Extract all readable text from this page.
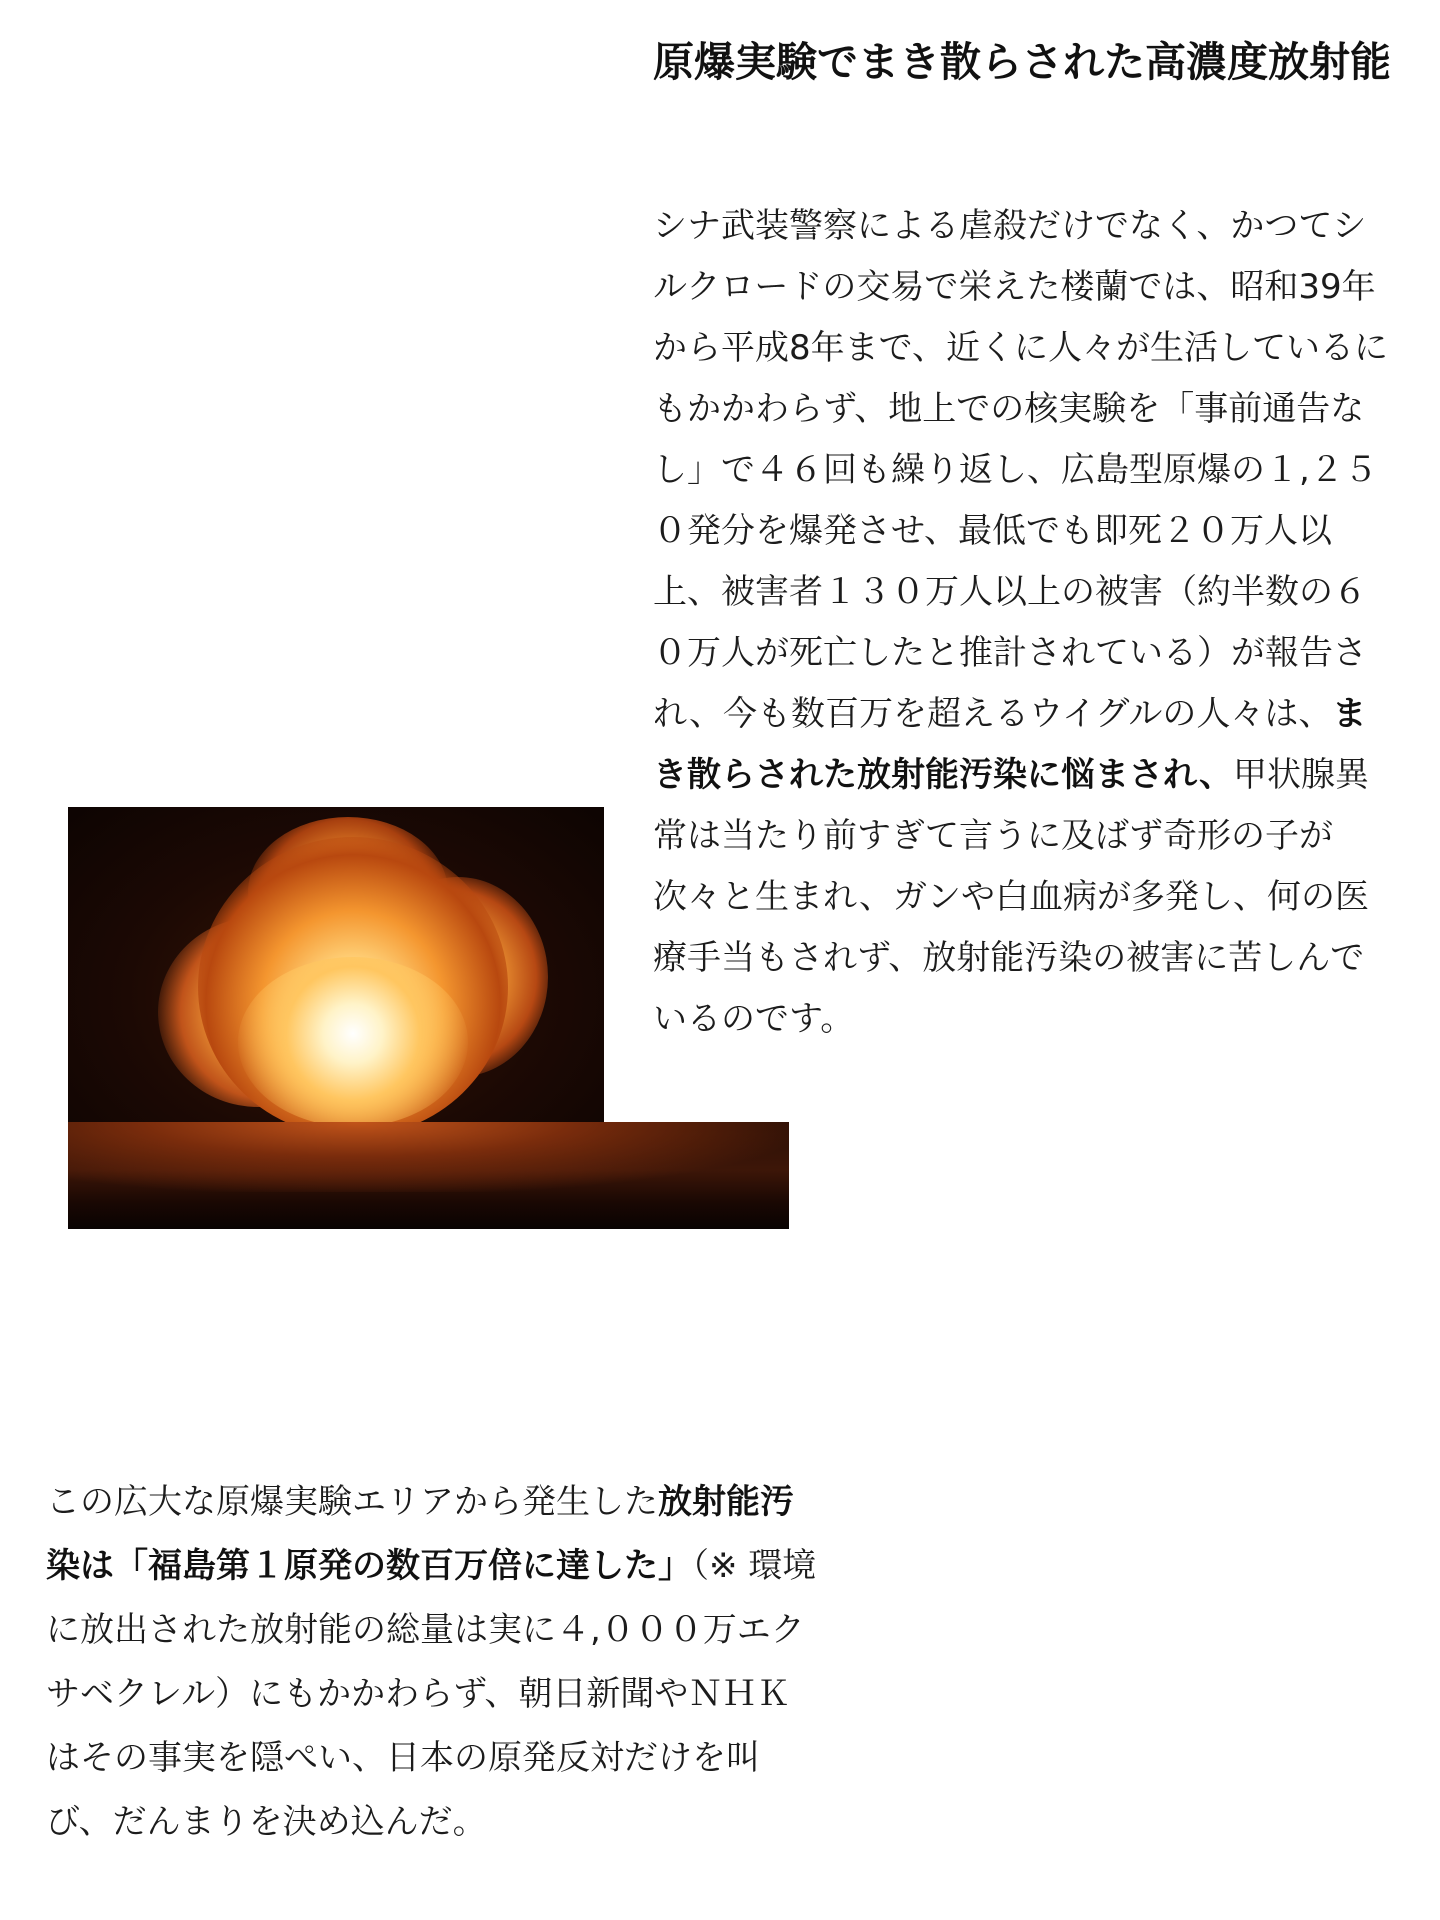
原爆実験でまき散らされた高濃度放射能

シナ武装警察による虐殺だけでなく、かつてシルクロードの交易で栄えた楼蘭では、昭和39年から平成8年まで、近くに人々が生活しているにもかかわらず、地上での核実験を「事前通告なし」で４６回も繰り返し、広島型原爆の１,２５０発分を爆発させ、最低でも即死２０万人以上、被害者１３０万人以上の被害（約半数の６０万人が死亡したと推計されている）が報告され、今も数百万を超えるウイグルの人々は、まき散らされた放射能汚染に悩まされ、甲状腺異常は当たり前すぎて言うに及ばず奇形の子が次々と生まれ、ガンや白血病が多発し、何の医療手当もされず、放射能汚染の被害に苦しんでいるのです。

この広大な原爆実験エリアから発生した放射能汚染は「福島第１原発の数百万倍に達した」（※ 環境に放出された放射能の総量は実に４,０００万エクサベクレル）にもかかわらず、朝日新聞やＮＨＫはその事実を隠ぺい、日本の原発反対だけを叫び、だんまりを決め込んだ。
